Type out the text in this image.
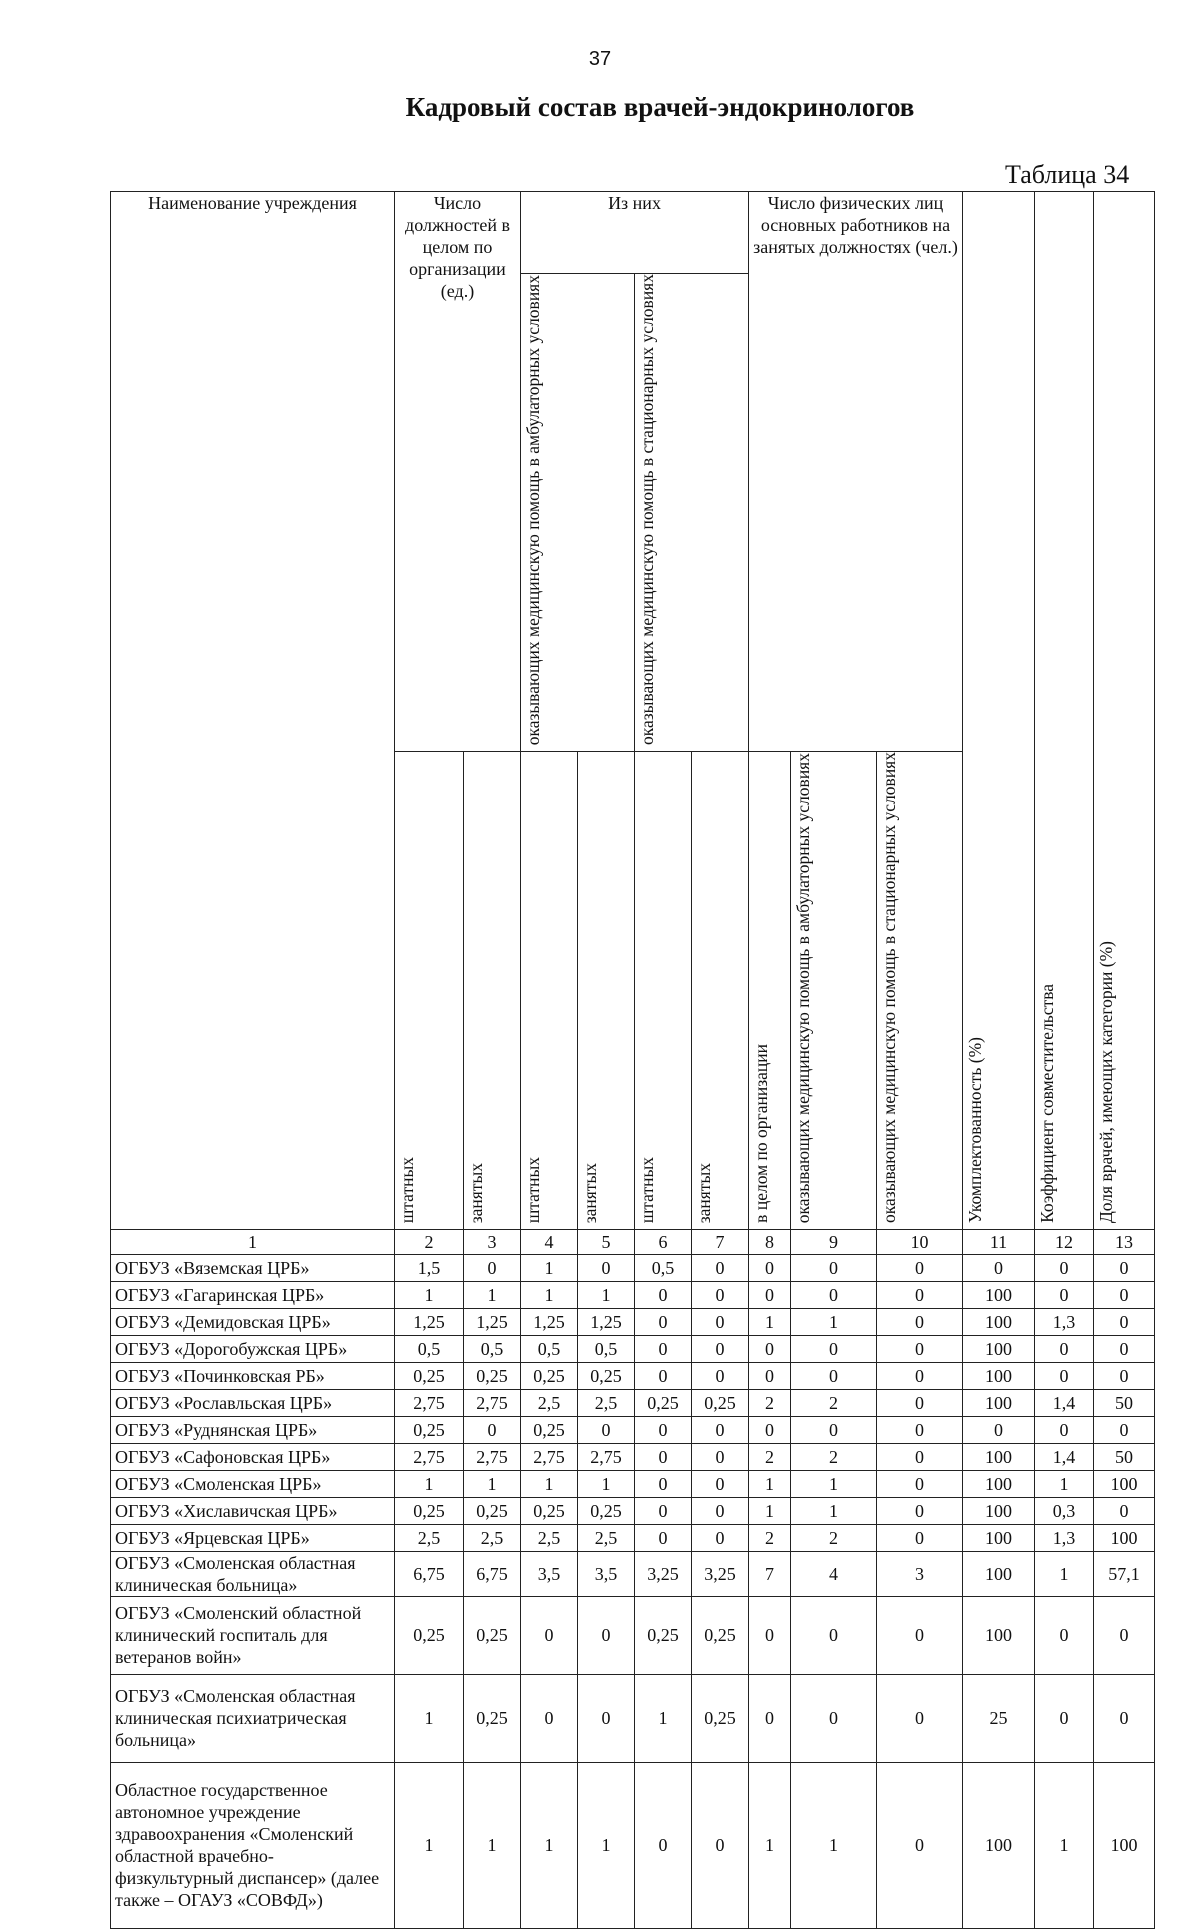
37
Кадровый состав врачей-эндокринологов
Таблица 34
Наименование учреждения	Число должностей в целом по организации (ед.)		Из них				Число физических лиц основных работников на занятых должностях (чел.)			Укомплектованность (%)	Коэффициент совместительства	Доля врачей, имеющих категории (%)

			оказывающих медицинскую помощь в амбулаторных условиях		оказывающих медицинскую помощь в стационарных условиях							

	штатных	занятых	штатных	занятых	штатных	занятых	в целом по организации	оказывающих медицинскую помощь в амбулаторных условиях	оказывающих медицинскую помощь в стационарных условиях			

1	2	3	4	5	6	7	8	9	10	11	12	13
ОГБУЗ «Вяземская ЦРБ»	1,5	0	1	0	0,5	0	0	0	0	0	0	0
ОГБУЗ «Гагаринская ЦРБ»	1	1	1	1	0	0	0	0	0	100	0	0
ОГБУЗ «Демидовская ЦРБ»	1,25	1,25	1,25	1,25	0	0	1	1	0	100	1,3	0
ОГБУЗ «Дорогобужская ЦРБ»	0,5	0,5	0,5	0,5	0	0	0	0	0	100	0	0
ОГБУЗ «Починковская РБ»	0,25	0,25	0,25	0,25	0	0	0	0	0	100	0	0
ОГБУЗ «Рославльская ЦРБ»	2,75	2,75	2,5	2,5	0,25	0,25	2	2	0	100	1,4	50
ОГБУЗ «Руднянская ЦРБ»	0,25	0	0,25	0	0	0	0	0	0	0	0	0
ОГБУЗ «Сафоновская ЦРБ»	2,75	2,75	2,75	2,75	0	0	2	2	0	100	1,4	50
ОГБУЗ «Смоленская ЦРБ»	1	1	1	1	0	0	1	1	0	100	1	100
ОГБУЗ «Хиславичская ЦРБ»	0,25	0,25	0,25	0,25	0	0	1	1	0	100	0,3	0
ОГБУЗ «Ярцевская ЦРБ»	2,5	2,5	2,5	2,5	0	0	2	2	0	100	1,3	100
ОГБУЗ «Смоленская областная клиническая больница»	6,75	6,75	3,5	3,5	3,25	3,25	7	4	3	100	1	57,1
ОГБУЗ «Смоленский областной клинический госпиталь для ветеранов войн»	0,25	0,25	0	0	0,25	0,25	0	0	0	100	0	0
ОГБУЗ «Смоленская областная клиническая психиатрическая больница»	1	0,25	0	0	1	0,25	0	0	0	25	0	0
Областное государственное автономное учреждение здравоохранения «Смоленский областной врачебно-физкультурный диспансер» (далее также – ОГАУЗ «СОВФД»)	1	1	1	1	0	0	1	1	0	100	1	100
